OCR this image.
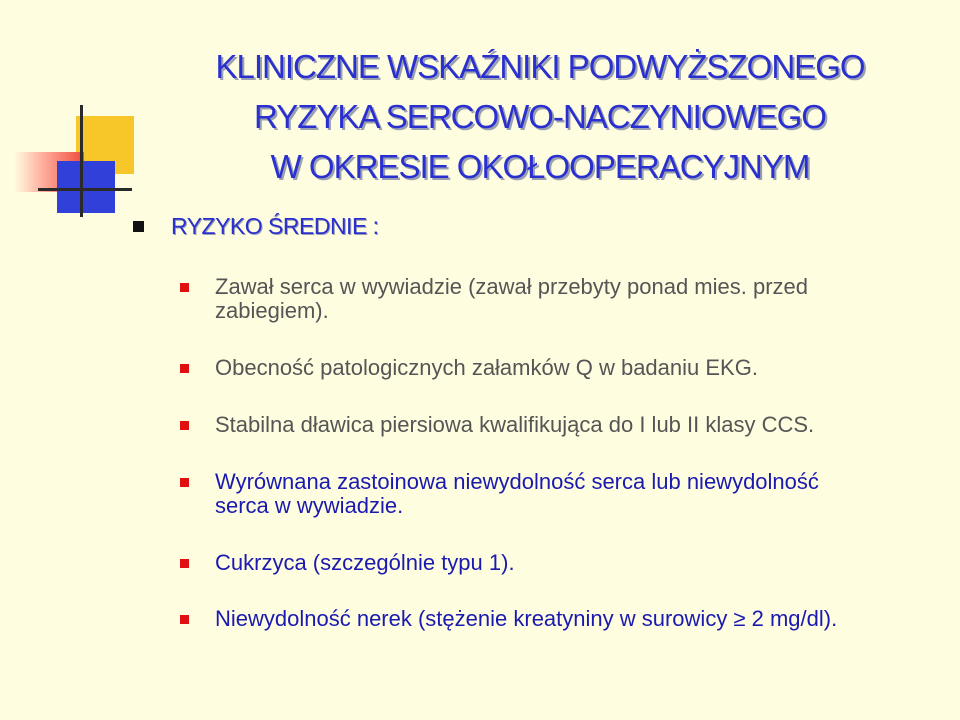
KLINICZNE WSKAŹNIKI PODWYŻSZONEGO
RYZYKA SERCOWO-NACZYNIOWEGO
W OKRESIE OKOŁOOPERACYJNYM
RYZYKO ŚREDNIE :
Zawał serca w wywiadzie (zawał przebyty ponad mies. przed
zabiegiem).
Obecność patologicznych załamków Q w badaniu EKG.
Stabilna dławica piersiowa kwalifikująca do I lub II klasy CCS.
Wyrównana zastoinowa niewydolność serca lub niewydolność
serca w wywiadzie.
Cukrzyca (szczególnie typu 1).
Niewydolność nerek (stężenie kreatyniny w surowicy ≥ 2 mg/dl).
